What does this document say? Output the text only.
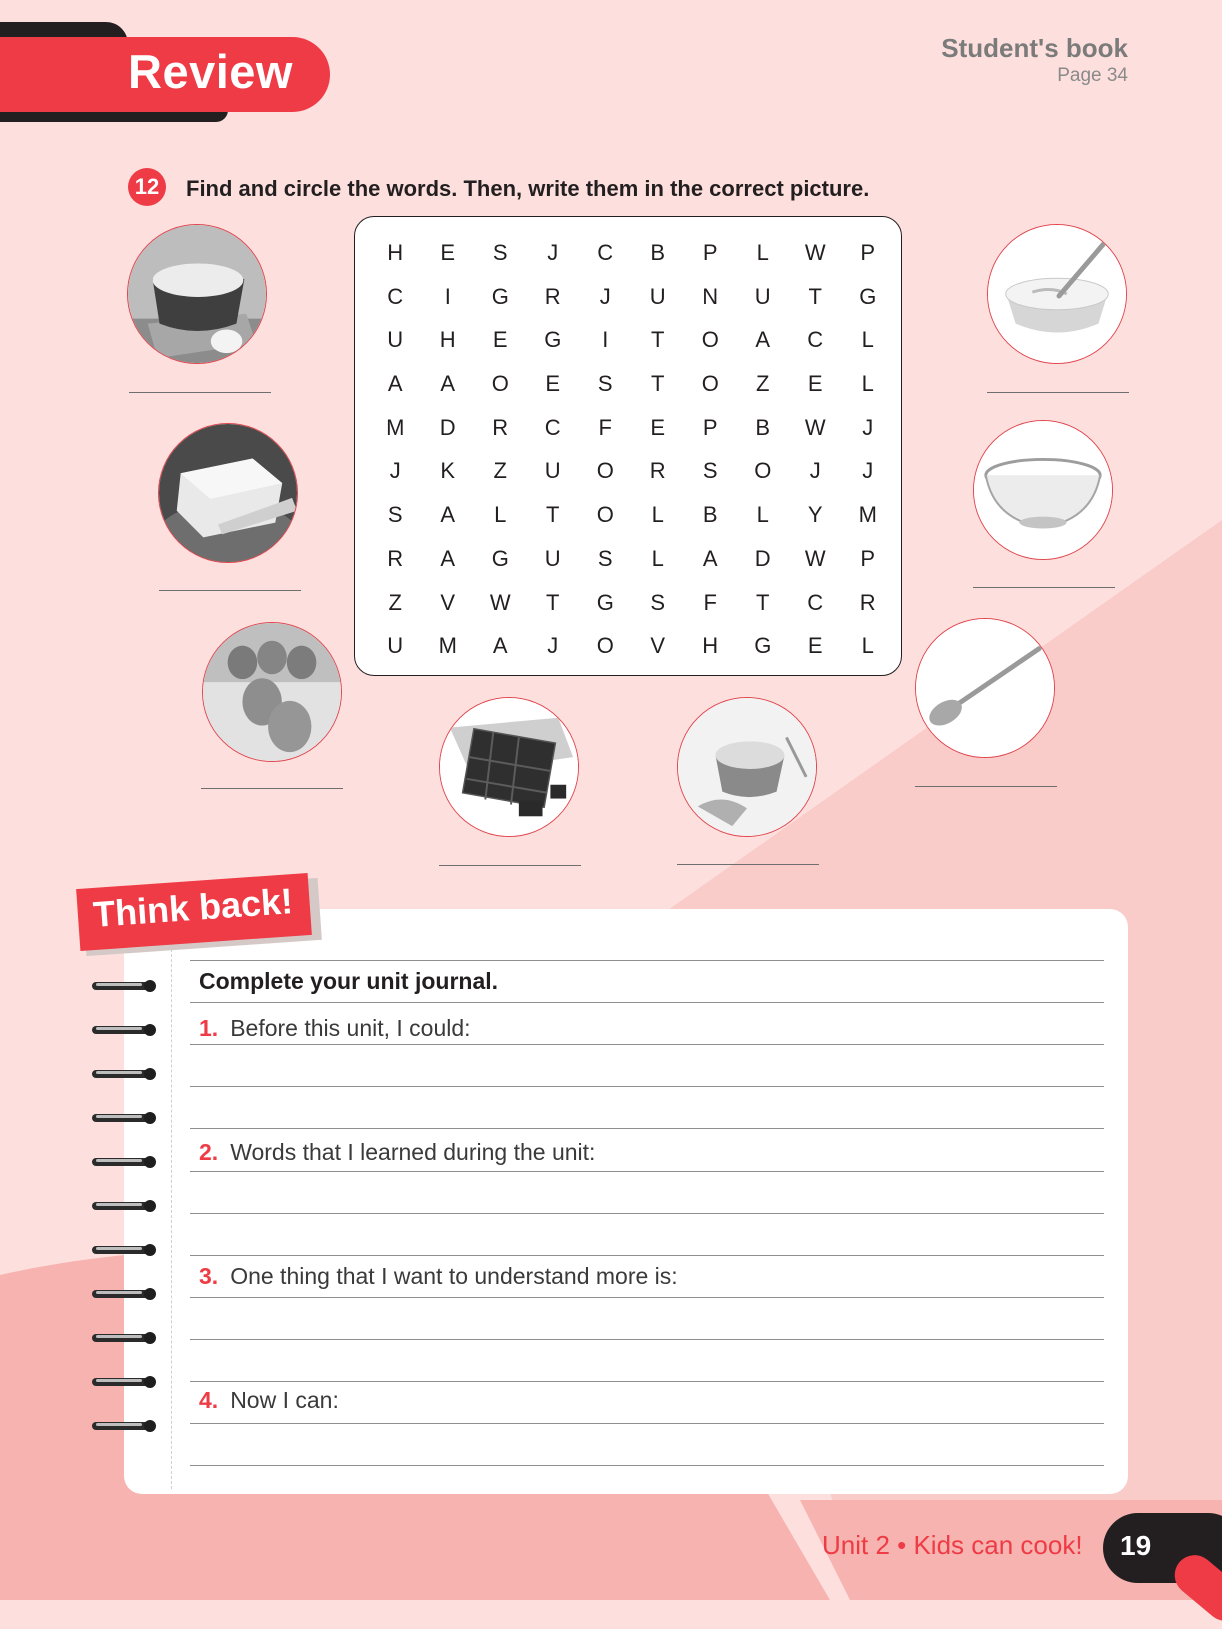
Review	Student's book
Page 34
12	Find and circle the words. Then, write them in the correct picture.
H	E	S	J	C	B	P	L	W	P
C	I	G	R	J	U	N	U	T	G
U	H	E	G	I	T	O	A	C	L
A	A	O	E	S	T	O	Z	E	L
M	D	R	C	F	E	P	B	W	J
J	K	Z	U	O	R	S	O	J	J
S	A	L	T	O	L	B	L	Y	M
R	A	G	U	S	L	A	D	W	P
Z	V	W	T	G	S	F	T	C	R
U	M	A	J	O	V	H	G	E	L
Think back!
Complete your unit journal.
1. Before this unit, I could:
2. Words that I learned during the unit:
3. One thing that I want to understand more is:
4. Now I can:
Unit 2 • Kids can cook! 19
